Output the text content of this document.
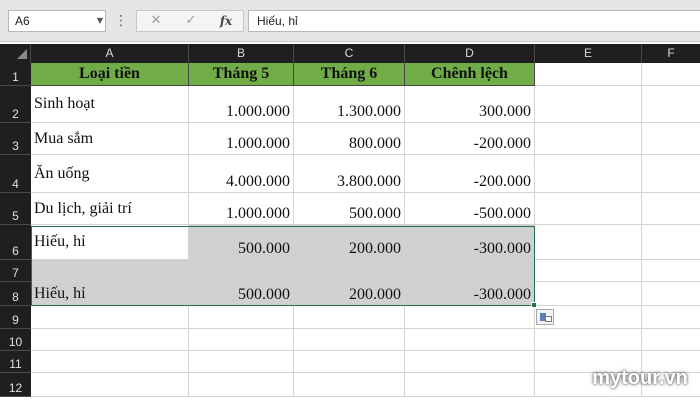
A6	▼ ⋮	✕	✓	fx	Hiếu, hỉ
A	B	C	D	E	F
1
2
3
4
5
6
7
8
9
10
11
12
Loại tiền	Tháng 5	Tháng 6	Chênh lệch
Sinh hoạt	1.000.000	1.300.000	300.000
Mua sắm	1.000.000	800.000	-200.000
Ăn uống	4.000.000	3.800.000	-200.000
Du lịch, giải trí	1.000.000	500.000	-500.000
Hiếu, hỉ	500.000	200.000	-300.000
Hiếu, hỉ	500.000	200.000	-300.000
mytour.vn
